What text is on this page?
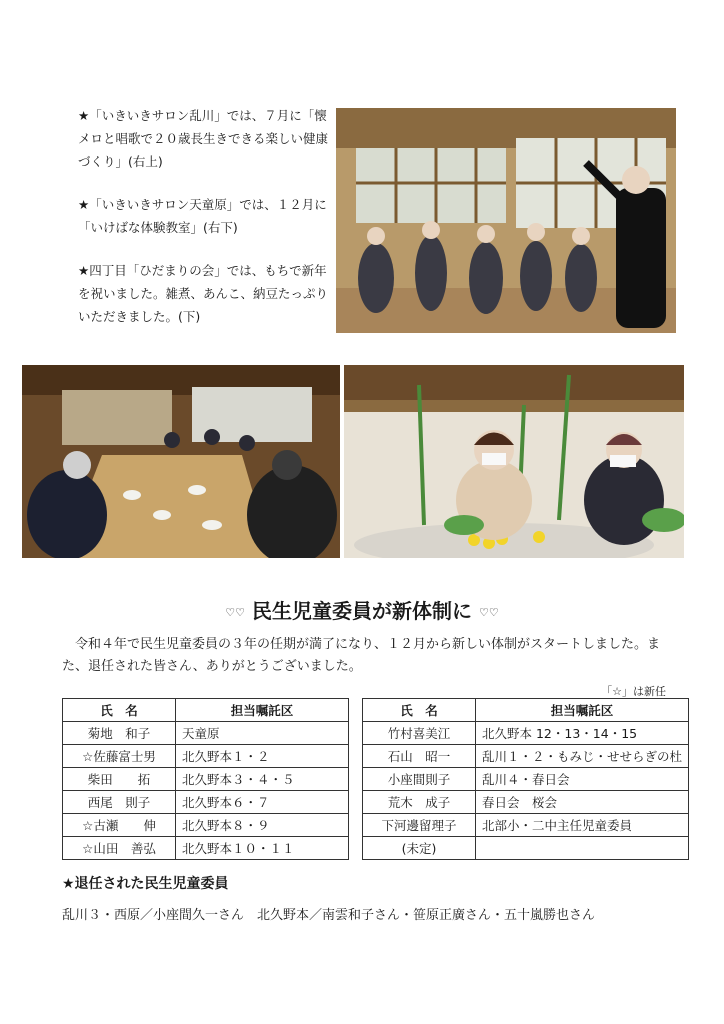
★「いきいきサロン乱川」では、７月に「懐メロと唱歌で２０歳長生きできる楽しい健康づくり」(右上)

★「いきいきサロン天童原」では、１２月に「いけばな体験教室」(右下)

★四丁目「ひだまりの会」では、もちで新年を祝いました。雑煮、あんこ、納豆たっぷりいただきました。(下)

♡♡ 民生児童委員が新体制に ♡♡
令和４年で民生児童委員の３年の任期が満了になり、１２月から新しい体制がスタートしました。また、退任された皆さん、ありがとうございました。
「☆」は新任
氏　名	担当嘱託区
菊地　和子	天童原
☆佐藤富士男	北久野本１・２
柴田　　拓	北久野本３・４・５
西尾　則子	北久野本６・７
☆古瀬　　伸	北久野本８・９
☆山田　善弘	北久野本１０・１１
氏　名	担当嘱託区
竹村喜美江	北久野本 12・13・14・15
石山　昭一	乱川１・２・もみじ・せせらぎの杜
小座間則子	乱川４・春日会
荒木　成子	春日会　桜会
下河邊留理子	北部小・二中主任児童委員
(未定)	
★退任された民生児童委員
乱川３・西原／小座間久一さん　北久野本／南雲和子さん・笹原正廣さん・五十嵐勝也さん
